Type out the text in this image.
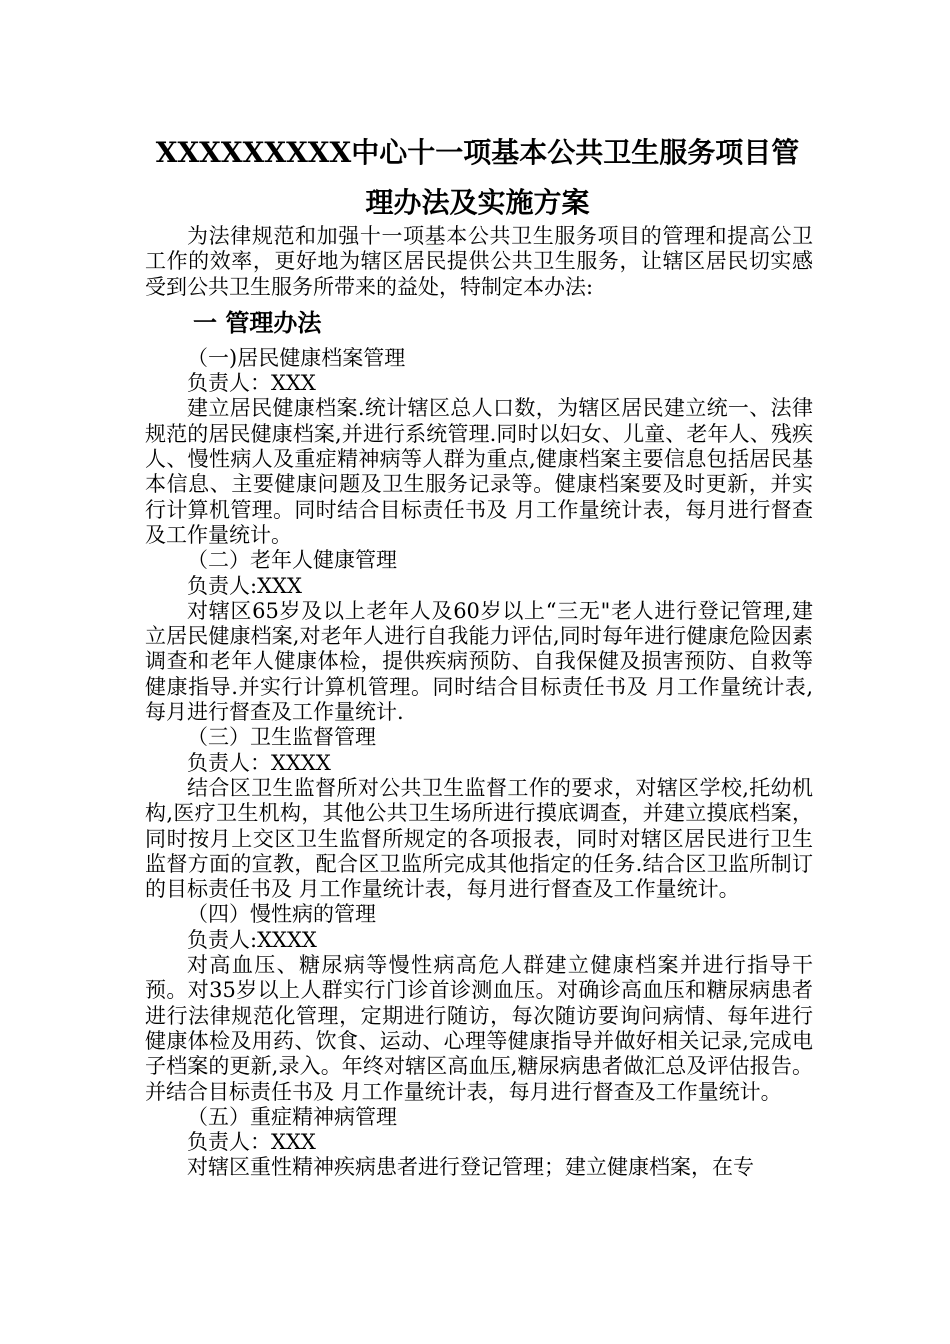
XXXXXXXXX中心十一项基本公共卫生服务项目管
理办法及实施方案

为法律规范和加强十一项基本公共卫生服务项目的管理和提高公卫工作的效率，更好地为辖区居民提供公共卫生服务，让辖区居民切实感受到公共卫生服务所带来的益处，特制定本办法:

一 管理办法

（一)居民健康档案管理

负责人：XXX

建立居民健康档案.统计辖区总人口数，为辖区居民建立统一、法律规范的居民健康档案,并进行系统管理.同时以妇女、儿童、老年人、残疾人、慢性病人及重症精神病等人群为重点,健康档案主要信息包括居民基本信息、主要健康问题及卫生服务记录等。健康档案要及时更新，并实行计算机管理。同时结合目标责任书及 月工作量统计表，每月进行督查及工作量统计。

（二）老年人健康管理

负责人:XXX

对辖区65岁及以上老年人及60岁以上“三无"老人进行登记管理,建立居民健康档案,对老年人进行自我能力评估,同时每年进行健康危险因素调查和老年人健康体检，提供疾病预防、自我保健及损害预防、自救等健康指导.并实行计算机管理。同时结合目标责任书及 月工作量统计表,每月进行督查及工作量统计.

（三）卫生监督管理

负责人：XXXX

结合区卫生监督所对公共卫生监督工作的要求，对辖区学校,托幼机构,医疗卫生机构，其他公共卫生场所进行摸底调查，并建立摸底档案，同时按月上交区卫生监督所规定的各项报表，同时对辖区居民进行卫生监督方面的宣教，配合区卫监所完成其他指定的任务.结合区卫监所制订的目标责任书及 月工作量统计表，每月进行督查及工作量统计。

（四）慢性病的管理

负责人:XXXX

对高血压、糖尿病等慢性病高危人群建立健康档案并进行指导干预。对35岁以上人群实行门诊首诊测血压。对确诊高血压和糖尿病患者进行法律规范化管理，定期进行随访，每次随访要询问病情、每年进行健康体检及用药、饮食、运动、心理等健康指导并做好相关记录,完成电子档案的更新,录入。年终对辖区高血压,糖尿病患者做汇总及评估报告。并结合目标责任书及 月工作量统计表，每月进行督查及工作量统计。

（五）重症精神病管理

负责人：XXX

对辖区重性精神疾病患者进行登记管理；建立健康档案，在专
